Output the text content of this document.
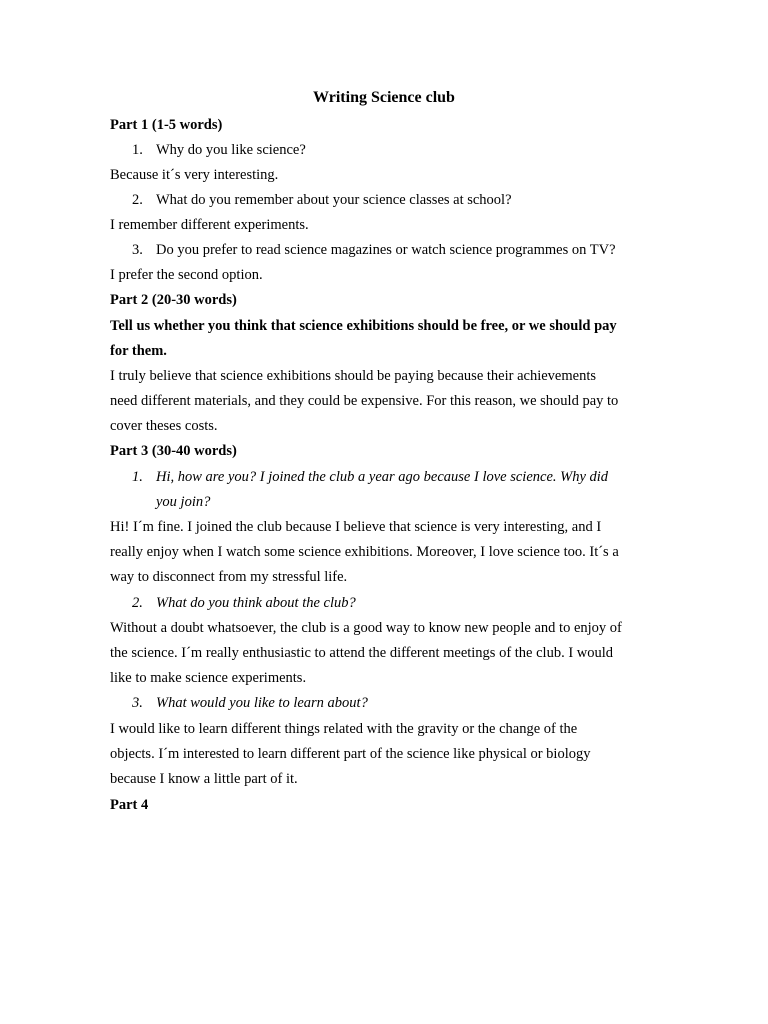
Writing Science club
Part 1 (1-5 words)
1. Why do you like science?
Because it´s very interesting.
2. What do you remember about your science classes at school?
I remember different experiments.
3. Do you prefer to read science magazines or watch science programmes on TV?
I prefer the second option.
Part 2 (20-30 words)
Tell us whether you think that science exhibitions should be free, or we should pay
for them.
I truly believe that science exhibitions should be paying because their achievements
need different materials, and they could be expensive. For this reason, we should pay to
cover theses costs.
Part 3 (30-40 words)
1. Hi, how are you? I joined the club a year ago because I love science. Why did
you join?
Hi! I´m fine. I joined the club because I believe that science is very interesting, and I
really enjoy when I watch some science exhibitions. Moreover, I love science too. It´s a
way to disconnect from my stressful life.
2. What do you think about the club?
Without a doubt whatsoever, the club is a good way to know new people and to enjoy of
the science. I´m really enthusiastic to attend the different meetings of the club. I would
like to make science experiments.
3. What would you like to learn about?
I would like to learn different things related with the gravity or the change of the
objects. I´m interested to learn different part of the science like physical or biology
because I know a little part of it.
Part 4
